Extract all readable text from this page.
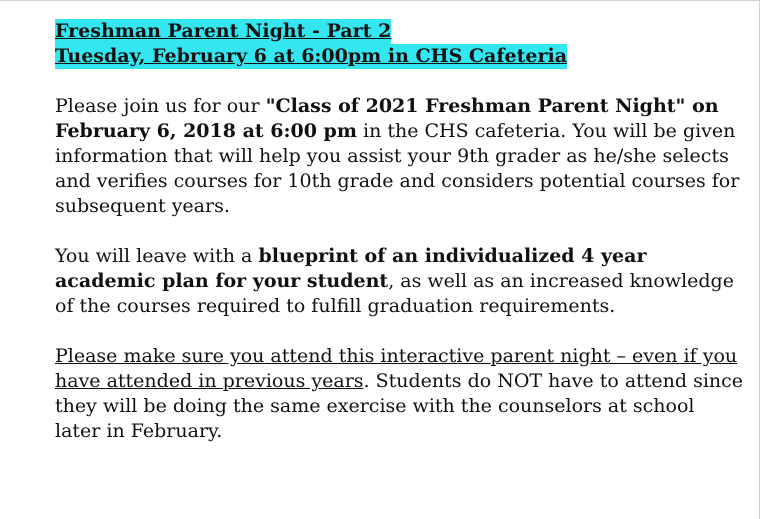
Freshman Parent Night - Part 2
Tuesday, February 6 at 6:00pm in CHS Cafeteria

Please join us for our "Class of 2021 Freshman Parent Night" on February 6, 2018 at 6:00 pm in the CHS cafeteria. You will be given information that will help you assist your 9th grader as he/she selects and verifies courses for 10th grade and considers potential courses for subsequent years.

You will leave with a blueprint of an individualized 4 year academic plan for your student, as well as an increased knowledge of the courses required to fulfill graduation requirements.

Please make sure you attend this interactive parent night – even if you have attended in previous years. Students do NOT have to attend since they will be doing the same exercise with the counselors at school later in February.
